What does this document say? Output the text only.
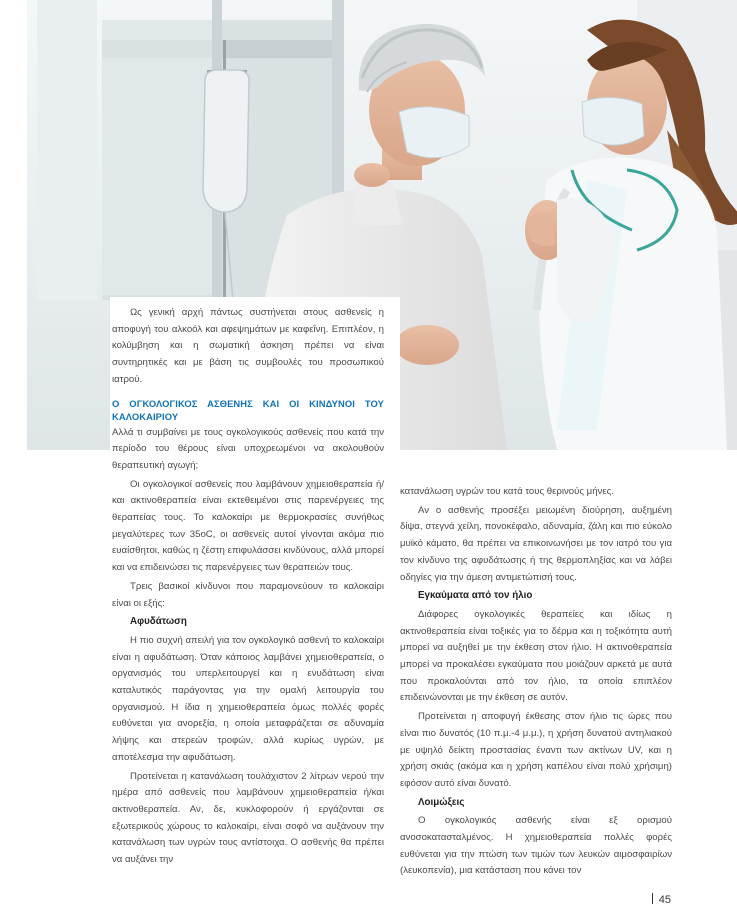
Ως γενική αρχή πάντως συστήνεται στους ασθενείς η αποφυγή του αλκοόλ και αφεψημάτων με καφεΐνη. Επιπλέον, η κολύμβηση και η σωματική άσκηση πρέπει να είναι συντηρητικές και με βάση τις συμβουλές του προσωπικού ιατρού.

Ο ΟΓΚΟΛΟΓΙΚΟΣ ΑΣΘΕΝΗΣ ΚΑΙ ΟΙ ΚΙΝΔΥΝΟΙ ΤΟΥ ΚΑΛΟΚΑΙΡΙΟΥ

Αλλά τι συμβαίνει με τους ογκολογικούς ασθενείς που κατά την περίοδο του θέρους είναι υποχρεωμένοι να ακολουθούν θεραπευτική αγωγή;

Οι ογκολογικοί ασθενείς που λαμβάνουν χημειοθεραπεία ή/και ακτινοθεραπεία είναι εκτεθειμένοι στις παρενέργειες της θεραπείας τους. Το καλοκαίρι με θερμοκρασίες συνήθως μεγαλύτερες των 35oC, οι ασθενείς αυτοί γίνονται ακόμα πιο ευαίσθητοι, καθώς η ζέστη επιφυλάσσει κινδύνους, αλλά μπορεί και να επιδεινώσει τις παρενέργειες των θεραπειών τους.

Τρεις βασικοί κίνδυνοι που παραμονεύουν το καλοκαίρι είναι οι εξής:

Αφυδάτωση

Η πιο συχνή απειλή για τον ογκολογικό ασθενή το καλοκαίρι είναι η αφυδάτωση. Όταν κάποιος λαμβάνει χημειοθεραπεία, ο οργανισμός του υπερλειτουργεί και η ενυδάτωση είναι καταλυτικός παράγοντας για την ομαλή λειτουργία του οργανισμού. Η ίδια η χημειοθεραπεία όμως πολλές φορές ευθύνεται για ανορεξία, η οποία μεταφράζεται σε αδυναμία λήψης και στερεών τροφών, αλλά κυρίως υγρών, με αποτέλεσμα την αφυδάτωση.

Προτείνεται η κατανάλωση τουλάχιστον 2 λίτρων νερού την ημέρα από ασθενείς που λαμβάνουν χημειοθεραπεία ή/και ακτινοθεραπεία. Αν, δε, κυκλοφορούν ή εργάζονται σε εξωτερικούς χώρους το καλοκαίρι, είναι σοφό να αυξάνουν την κατανάλωση των υγρών τους αντίστοιχα. Ο ασθενής θα πρέπει να αυξάνει την

κατανάλωση υγρών του κατά τους θερινούς μήνες.

Αν ο ασθενής προσέξει μειωμένη διούρηση, αυξημένη δίψα, στεγνά χείλη, πονοκέφαλο, αδυναμία, ζάλη και πιο εύκολο μυϊκό κάματο, θα πρέπει να επικοινωνήσει με τον ιατρό του για τον κίνδυνο της αφυδάτωσης ή της θερμοπληξίας και να λάβει οδηγίες για την άμεση αντιμετώπισή τους.

Εγκαύματα από τον ήλιο

Διάφορες ογκολογικές θεραπείες και ιδίως η ακτινοθεραπεία είναι τοξικές για το δέρμα και η τοξικότητα αυτή μπορεί να αυξηθεί με την έκθεση στον ήλιο. Η ακτινοθεραπεία μπορεί να προκαλέσει εγκαύματα που μοιάζουν αρκετά με αυτά που προκαλούνται από τον ήλιο, τα οποία επιπλέον επιδεινώνονται με την έκθεση σε αυτόν.

Προτείνεται η αποφυγή έκθεσης στον ήλιο τις ώρες που είναι πιο δυνατός (10 π.μ.-4 μ.μ.), η χρήση δυνατού αντηλιακού με υψηλό δείκτη προστασίας έναντι των ακτίνων UV, και η χρήση σκιάς (ακόμα και η χρήση καπέλου είναι πολύ χρήσιμη) εφόσον αυτό είναι δυνατό.

Λοιμώξεις

Ο ογκολογικός ασθενής είναι εξ ορισμού ανοσοκατασταλμένος. Η χημειοθεραπεία πολλές φορές ευθύνεται για την πτώση των τιμών των λευκών αιμοσφαιρίων (λευκοπενία), μια κατάσταση που κάνει τον

45
